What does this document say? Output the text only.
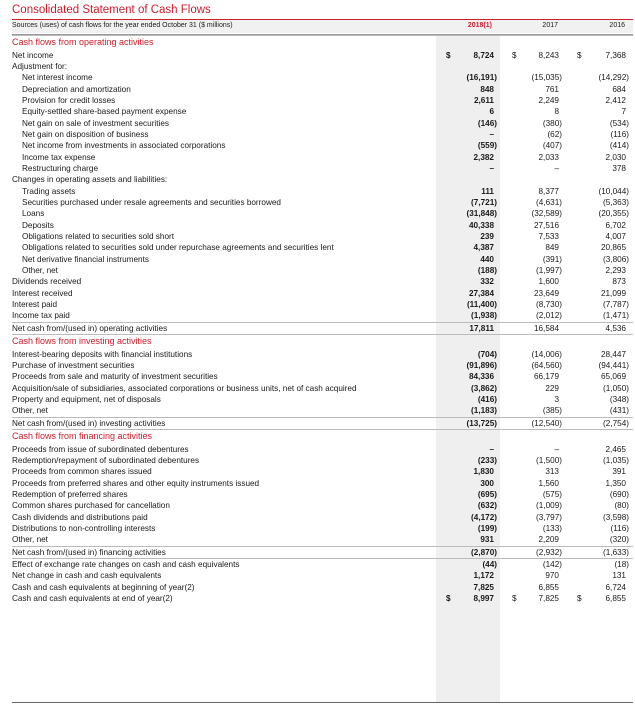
Consolidated Statement of Cash Flows
Sources (uses) of cash flows for the year ended October 31 ($ millions)	2018(1)	2017	2016
Cash flows from operating activities
Net income	$	8,724	$	8,243	$	7,368
Adjustment for:
Net interest income	(16,191)	(15,035)	(14,292)
Depreciation and amortization	848	761	684
Provision for credit losses	2,611	2,249	2,412
Equity-settled share-based payment expense	6	8	7
Net gain on sale of investment securities	(146)	(380)	(534)
Net gain on disposition of business	–	(62)	(116)
Net income from investments in associated corporations	(559)	(407)	(414)
Income tax expense	2,382	2,033	2,030
Restructuring charge	–	–	378
Changes in operating assets and liabilities:
Trading assets	111	8,377	(10,044)
Securities purchased under resale agreements and securities borrowed	(7,721)	(4,631)	(5,363)
Loans	(31,848)	(32,589)	(20,355)
Deposits	40,338	27,516	6,702
Obligations related to securities sold short	239	7,533	4,007
Obligations related to securities sold under repurchase agreements and securities lent	4,387	849	20,865
Net derivative financial instruments	440	(391)	(3,806)
Other, net	(188)	(1,997)	2,293
Dividends received	332	1,600	873
Interest received	27,384	23,649	21,099
Interest paid	(11,400)	(8,730)	(7,787)
Income tax paid	(1,938)	(2,012)	(1,471)
Net cash from/(used in) operating activities	17,811	16,584	4,536
Cash flows from investing activities
Interest-bearing deposits with financial institutions	(704)	(14,006)	28,447
Purchase of investment securities	(91,896)	(64,560)	(94,441)
Proceeds from sale and maturity of investment securities	84,336	66,179	65,069
Acquisition/sale of subsidiaries, associated corporations or business units, net of cash acquired	(3,862)	229	(1,050)
Property and equipment, net of disposals	(416)	3	(348)
Other, net	(1,183)	(385)	(431)
Net cash from/(used in) investing activities	(13,725)	(12,540)	(2,754)
Cash flows from financing activities
Proceeds from issue of subordinated debentures	–	–	2,465
Redemption/repayment of subordinated debentures	(233)	(1,500)	(1,035)
Proceeds from common shares issued	1,830	313	391
Proceeds from preferred shares and other equity instruments issued	300	1,560	1,350
Redemption of preferred shares	(695)	(575)	(690)
Common shares purchased for cancellation	(632)	(1,009)	(80)
Cash dividends and distributions paid	(4,172)	(3,797)	(3,598)
Distributions to non-controlling interests	(199)	(133)	(116)
Other, net	931	2,209	(320)
Net cash from/(used in) financing activities	(2,870)	(2,932)	(1,633)
Effect of exchange rate changes on cash and cash equivalents	(44)	(142)	(18)
Net change in cash and cash equivalents	1,172	970	131
Cash and cash equivalents at beginning of year(2)	7,825	6,855	6,724
Cash and cash equivalents at end of year(2)	$	8,997	$	7,825	$	6,855
